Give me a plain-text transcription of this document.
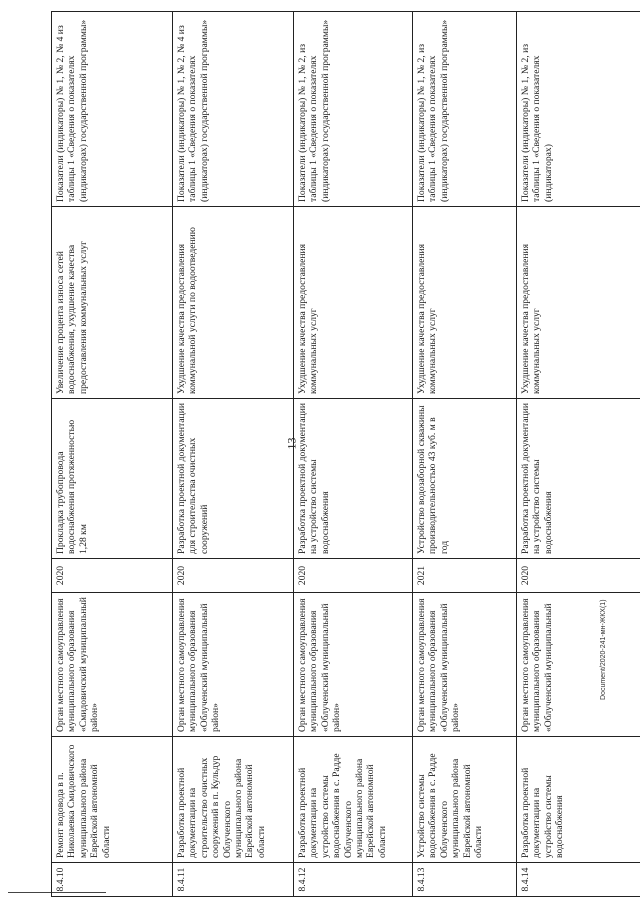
13
Document/2020-241-мн-ЖКХ(1)
8.4.10	Ремонт водовода в п. Николаевка Смидовичского муниципального района Еврейской автономной области	Орган местного самоуправления муниципального образования «Смидовичский муниципальный район»	2020	Прокладка трубопровода водоснабжения протяженностью 1,28 км	Увеличение процента износа сетей водоснабжения, ухудшение качества предоставления коммунальных услуг	Показатели (индикаторы) № 1, № 2, № 4 из таблицы 1 «Сведения о показателях (индикаторах) государственной программы»
8.4.11	Разработка проектной документации на строительство очистных сооружений в п. Кульдур Облученского муниципального района Еврейской автономной области	Орган местного самоуправления муниципального образования «Облученский муниципальный район»	2020	Разработка проектной документации для строительства очистных сооружений	Ухудшение качества предоставления коммунальной услуги по водоотведению	Показатели (индикаторы) № 1, № 2, № 4 из таблицы 1 «Сведения о показателях (индикаторах) государственной программы»
8.4.12	Разработка проектной документации на устройство системы водоснабжения в с. Радде Облученского муниципального района Еврейской автономной области	Орган местного самоуправления муниципального образования «Облученский муниципальный район»	2020	Разработка проектной документации на устройство системы водоснабжения	Ухудшение качества предоставления коммунальных услуг	Показатели (индикаторы) № 1, № 2, из таблицы 1 «Сведения о показателях (индикаторах) государственной программы»
8.4.13	Устройство системы водоснабжения в с. Радде Облученского муниципального района Еврейской автономной области	Орган местного самоуправления муниципального образования «Облученский муниципальный район»	2021	Устройство водозаборной скважины производительностью 43 куб. м в год	Ухудшение качества предоставления коммунальных услуг	Показатели (индикаторы) № 1, № 2, из таблицы 1 «Сведения о показателях (индикаторах) государственной программы»
8.4.14	Разработка проектной документации на устройство системы водоснабжения	Орган местного самоуправления муниципального образования «Облученский муниципальный	2020	Разработка проектной документации на устройство системы водоснабжения	Ухудшение качества предоставления коммунальных услуг	Показатели (индикаторы) № 1, № 2, из таблицы 1 «Сведения о показателях (индикаторах)
